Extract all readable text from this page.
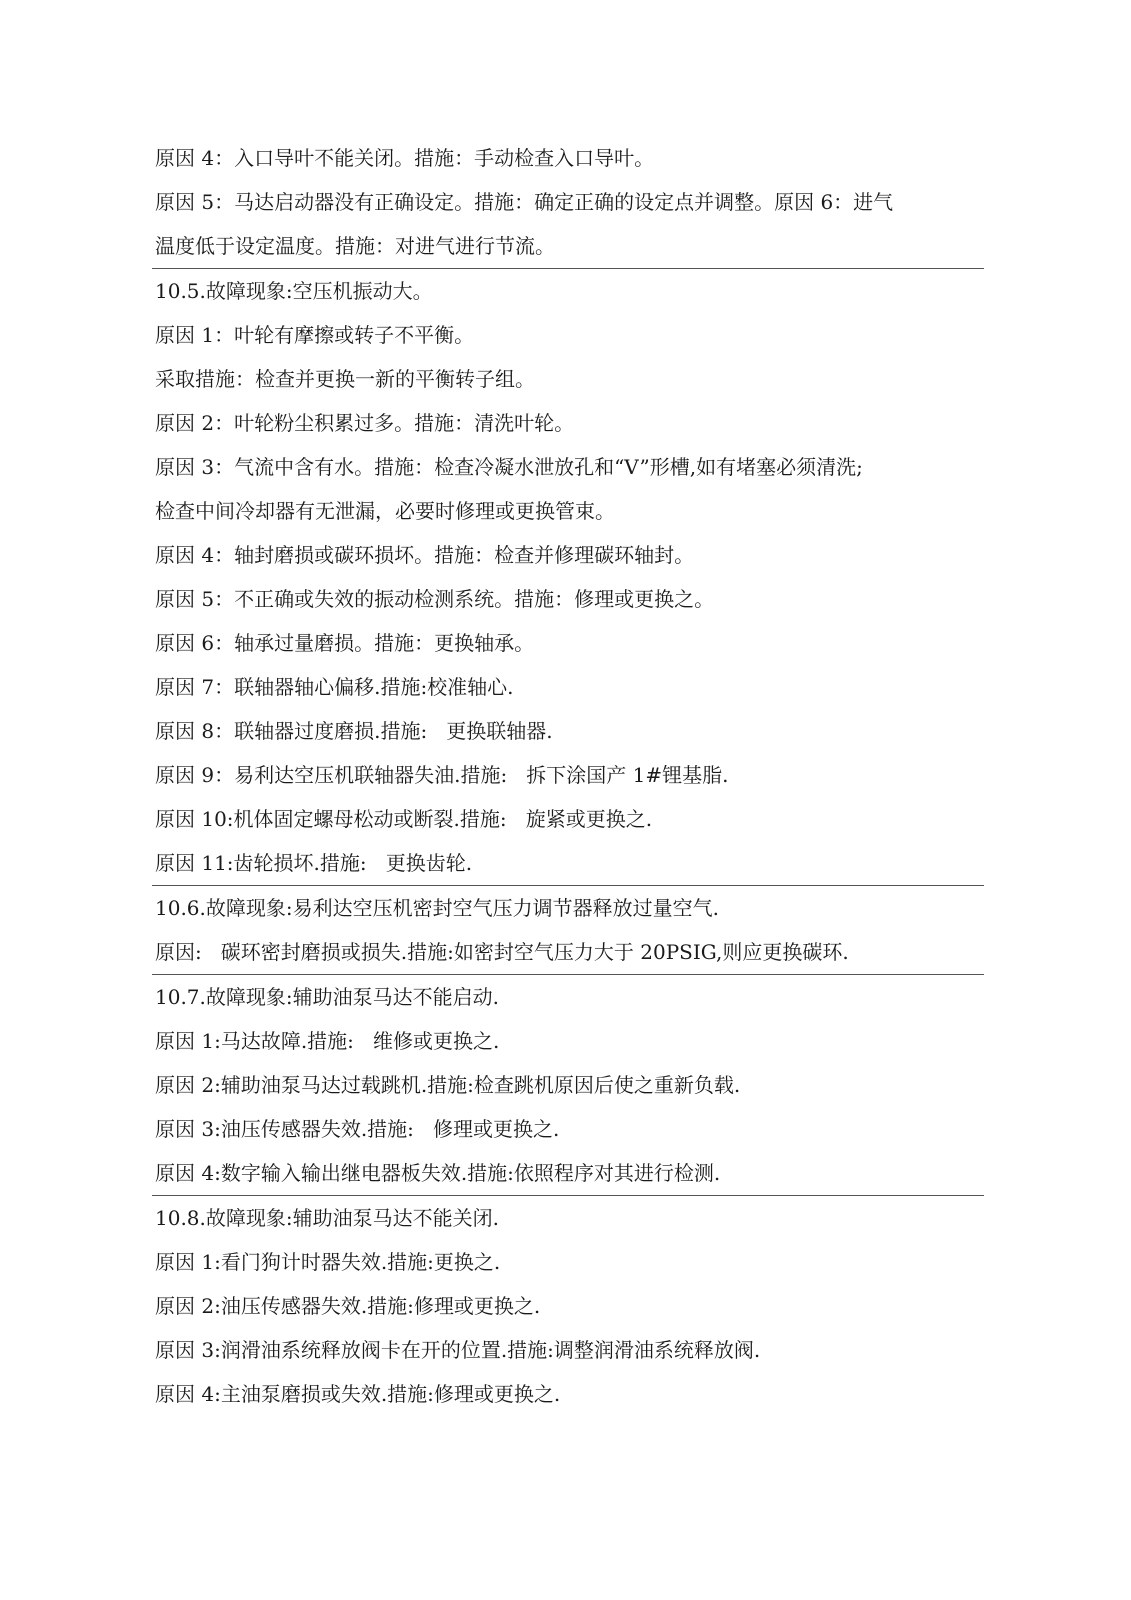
原因 4：入口导叶不能关闭。措施：手动检查入口导叶。
原因 5：马达启动器没有正确设定。措施：确定正确的设定点并调整。原因 6：进气
温度低于设定温度。措施：对进气进行节流。
10.5.故障现象:空压机振动大。
原因 1：叶轮有摩擦或转子不平衡。
采取措施：检查并更换一新的平衡转子组。
原因 2：叶轮粉尘积累过多。措施：清洗叶轮。
原因 3：气流中含有水。措施：检查冷凝水泄放孔和“V”形槽,如有堵塞必须清洗;
检查中间冷却器有无泄漏，必要时修理或更换管束。
原因 4：轴封磨损或碳环损坏。措施：检查并修理碳环轴封。
原因 5：不正确或失效的振动检测系统。措施：修理或更换之。
原因 6：轴承过量磨损。措施：更换轴承。
原因 7：联轴器轴心偏移.措施:校准轴心.
原因 8：联轴器过度磨损.措施:   更换联轴器.
原因 9：易利达空压机联轴器失油.措施:   拆下涂国产 1#锂基脂.
原因 10:机体固定螺母松动或断裂.措施:   旋紧或更换之.
原因 11:齿轮损坏.措施:   更换齿轮.
10.6.故障现象:易利达空压机密封空气压力调节器释放过量空气.
原因:   碳环密封磨损或损失.措施:如密封空气压力大于 20PSIG,则应更换碳环.
10.7.故障现象:辅助油泵马达不能启动.
原因 1:马达故障.措施:   维修或更换之.
原因 2:辅助油泵马达过载跳机.措施:检查跳机原因后使之重新负载.
原因 3:油压传感器失效.措施:   修理或更换之.
原因 4:数字输入输出继电器板失效.措施:依照程序对其进行检测.
10.8.故障现象:辅助油泵马达不能关闭.
原因 1:看门狗计时器失效.措施:更换之.
原因 2:油压传感器失效.措施:修理或更换之.
原因 3:润滑油系统释放阀卡在开的位置.措施:调整润滑油系统释放阀.
原因 4:主油泵磨损或失效.措施:修理或更换之.
